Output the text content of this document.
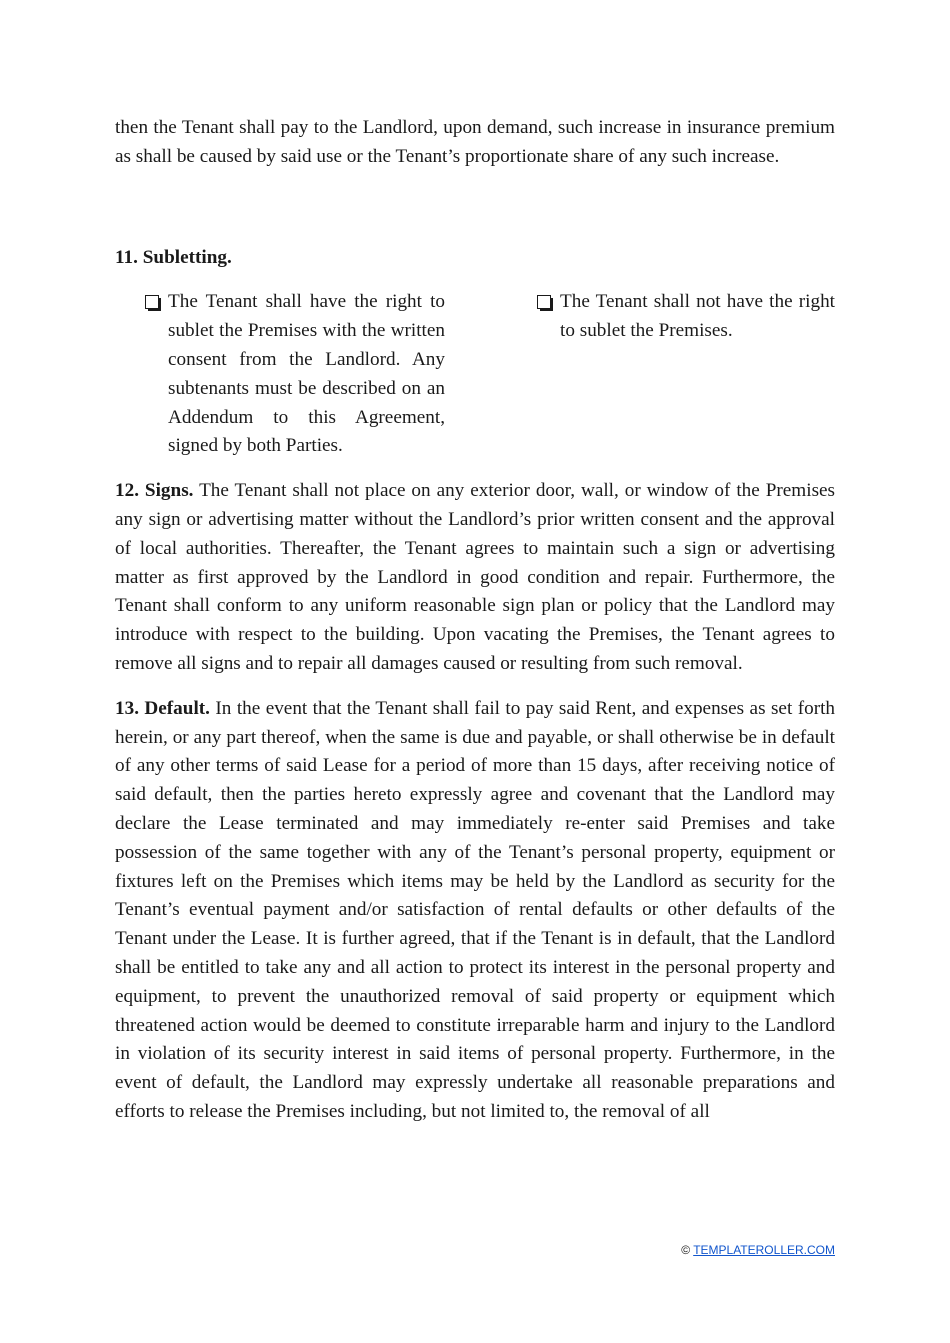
then the Tenant shall pay to the Landlord, upon demand, such increase in insurance premium as shall be caused by said use or the Tenant’s proportionate share of any such increase.

11. Subletting.

The Tenant shall have the right to sublet the Premises with the written consent from the Landlord. Any subtenants must be described on an Addendum to this Agreement, signed by both Parties.

The Tenant shall not have the right to sublet the Premises.

12. Signs. The Tenant shall not place on any exterior door, wall, or window of the Premises any sign or advertising matter without the Landlord’s prior written consent and the approval of local authorities. Thereafter, the Tenant agrees to maintain such a sign or advertising matter as first approved by the Landlord in good condition and repair. Furthermore, the Tenant shall conform to any uniform reasonable sign plan or policy that the Landlord may introduce with respect to the building. Upon vacating the Premises, the Tenant agrees to remove all signs and to repair all damages caused or resulting from such removal.

13. Default. In the event that the Tenant shall fail to pay said Rent, and expenses as set forth herein, or any part thereof, when the same is due and payable, or shall otherwise be in default of any other terms of said Lease for a period of more than 15 days, after receiving notice of said default, then the parties hereto expressly agree and covenant that the Landlord may declare the Lease terminated and may immediately re-enter said Premises and take possession of the same together with any of the Tenant’s personal property, equipment or fixtures left on the Premises which items may be held by the Landlord as security for the Tenant’s eventual payment and/or satisfaction of rental defaults or other defaults of the Tenant under the Lease. It is further agreed, that if the Tenant is in default, that the Landlord shall be entitled to take any and all action to protect its interest in the personal property and equipment, to prevent the unauthorized removal of said property or equipment which threatened action would be deemed to constitute irreparable harm and injury to the Landlord in violation of its security interest in said items of personal property. Furthermore, in the event of default, the Landlord may expressly undertake all reasonable preparations and efforts to release the Premises including, but not limited to, the removal of all

© TEMPLATEROLLER.COM
